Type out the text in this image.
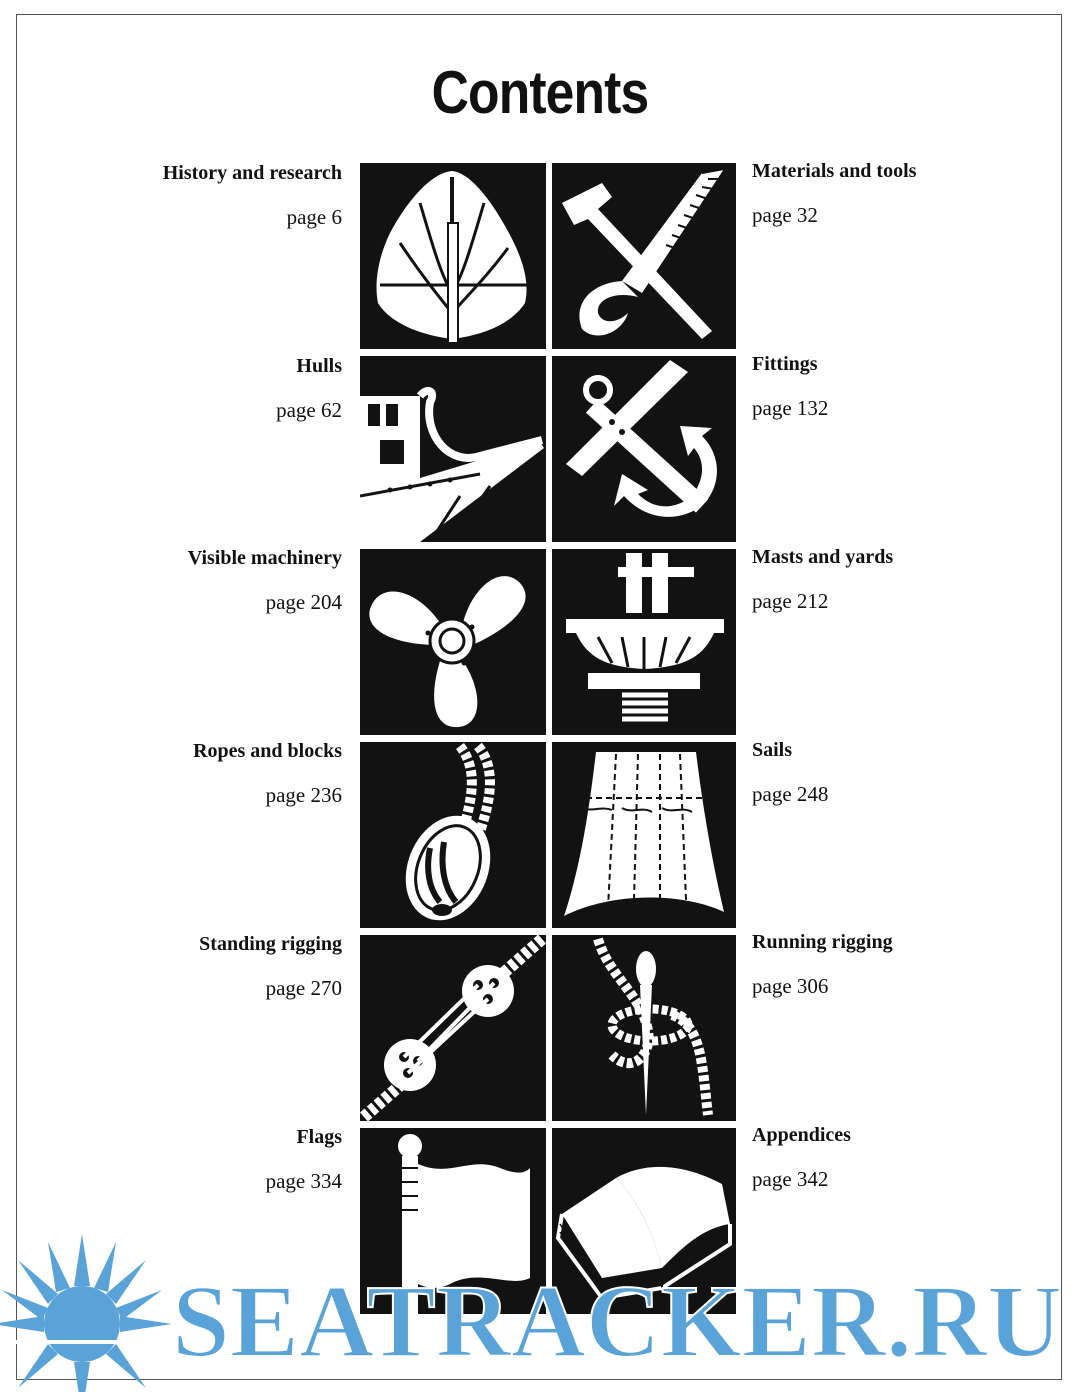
Contents
History and research
page 6
Hulls
page 62
Visible machinery
page 204
Ropes and blocks
page 236
Standing rigging
page 270
Flags
page 334
Materials and tools
page 32
Fittings
page 132
Masts and yards
page 212
Sails
page 248
Running rigging
page 306
Appendices
page 342
SEATRACKER.RU
